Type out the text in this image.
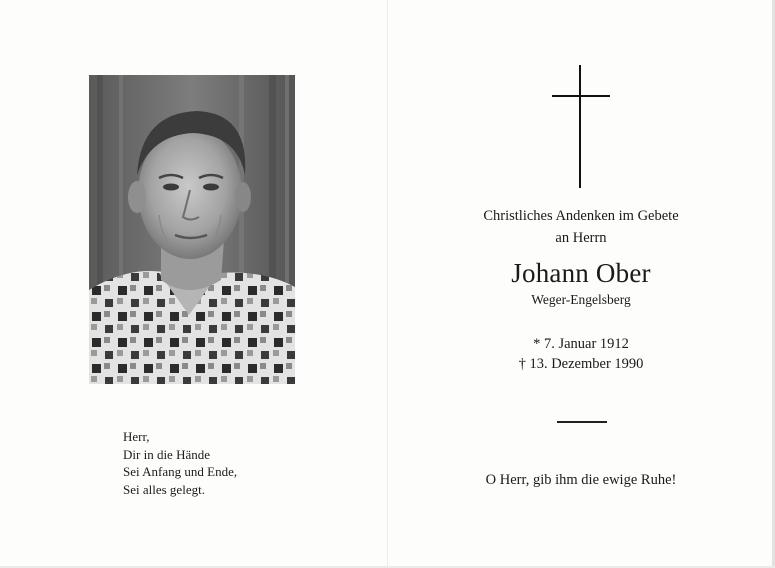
Herr,
Dir in die Hände
Sei Anfang und Ende,
Sei alles gelegt.
Christliches Andenken im Gebete
an Herrn
Johann Ober
Weger-Engelsberg
* 7. Januar 1912
† 13. Dezember 1990
O Herr, gib ihm die ewige Ruhe!
